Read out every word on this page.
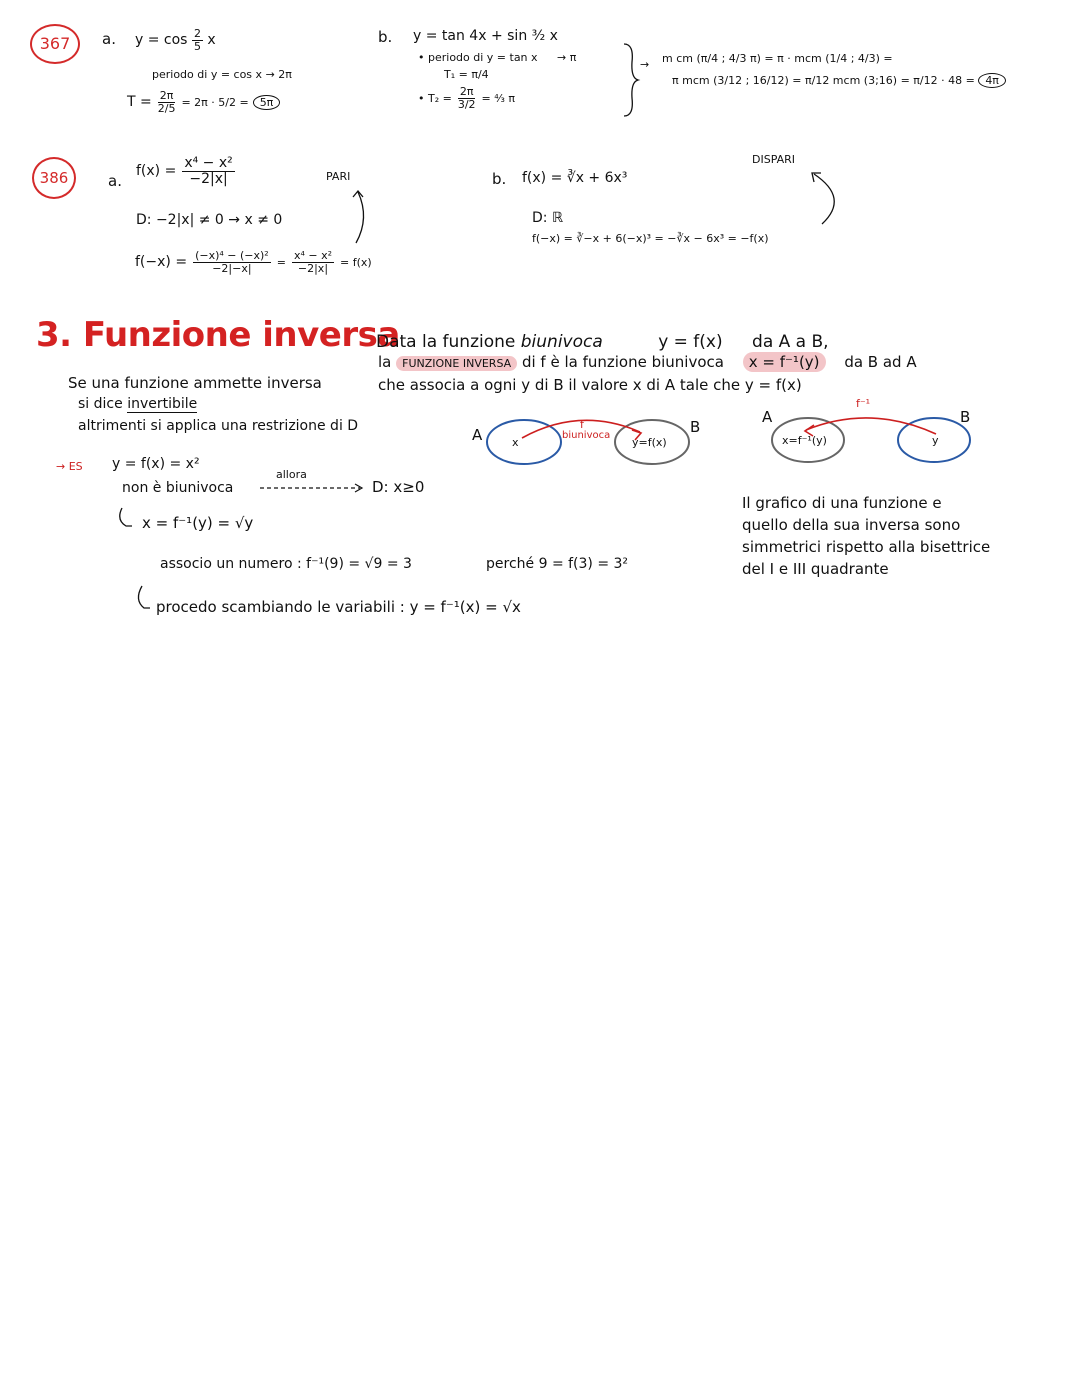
367	a. $y = \cos \frac{2}{5}$ x
periodo di y = cos x → 2π
$T = \frac{2\pi}{2/5} = 2\pi \cdot 5/2$ =	5π
b. y = tan 4x + sin ³⁄₂ x
• periodo di y = tan x → π
T₁ = π/4
• $T_2 = \frac{2\pi}{3/2}$ = ⁴⁄₃ π
→ m cm (π/4 ; 4/3 π) = π · mcm (1/4 ; 4/3) =
π mcm (3/12 ; 16/12) = π/12 mcm (3;16) = π/12 · 48 = 4π
386	a.
$f(x) = \frac{\text{x⁴ − x²}}{-2|x|}$	PARI
D: −2|x| ≠ 0 → x ≠ 0
$f(-x) = \frac{\text{(−x)⁴ − (−x)²}}{-2|-x|} = \frac{\text{x⁴ − x²}}{-2|x|} = f(x)$
b. f(x) = ∛x + 6x³
DISPARI
D: ℝ
f(−x) = ∛−x + 6(−x)³ = −∛x − 6x³ = −f(x)
3. Funzione inversa
Data la funzione biunivoca	y = f(x) da A a B,
la FUNZIONE INVERSA di f è la funzione biunivoca x = f⁻¹(y) da B ad A
che associa a ogni y di B il valore x di A tale che y = f(x)
Se una funzione ammette inversa
si dice invertibile
altrimenti si applica una restrizione di D	A	B
x
f
biunivoca
y=f(x)
A	B
f⁻¹
x=f⁻¹(y)	y
→ ES y = f(x) = x²
non è biunivoca
allora
D: x≥0
x = f⁻¹(y) = √y
associo un numero : f⁻¹(9) = √9 = 3	perché 9 = f(3) = 3²
procedo scambiando le variabili : y = f⁻¹(x) = √x
Il grafico di una funzione e
quello della sua inversa sono
simmetrici rispetto alla bisettrice
del I e III quadrante
